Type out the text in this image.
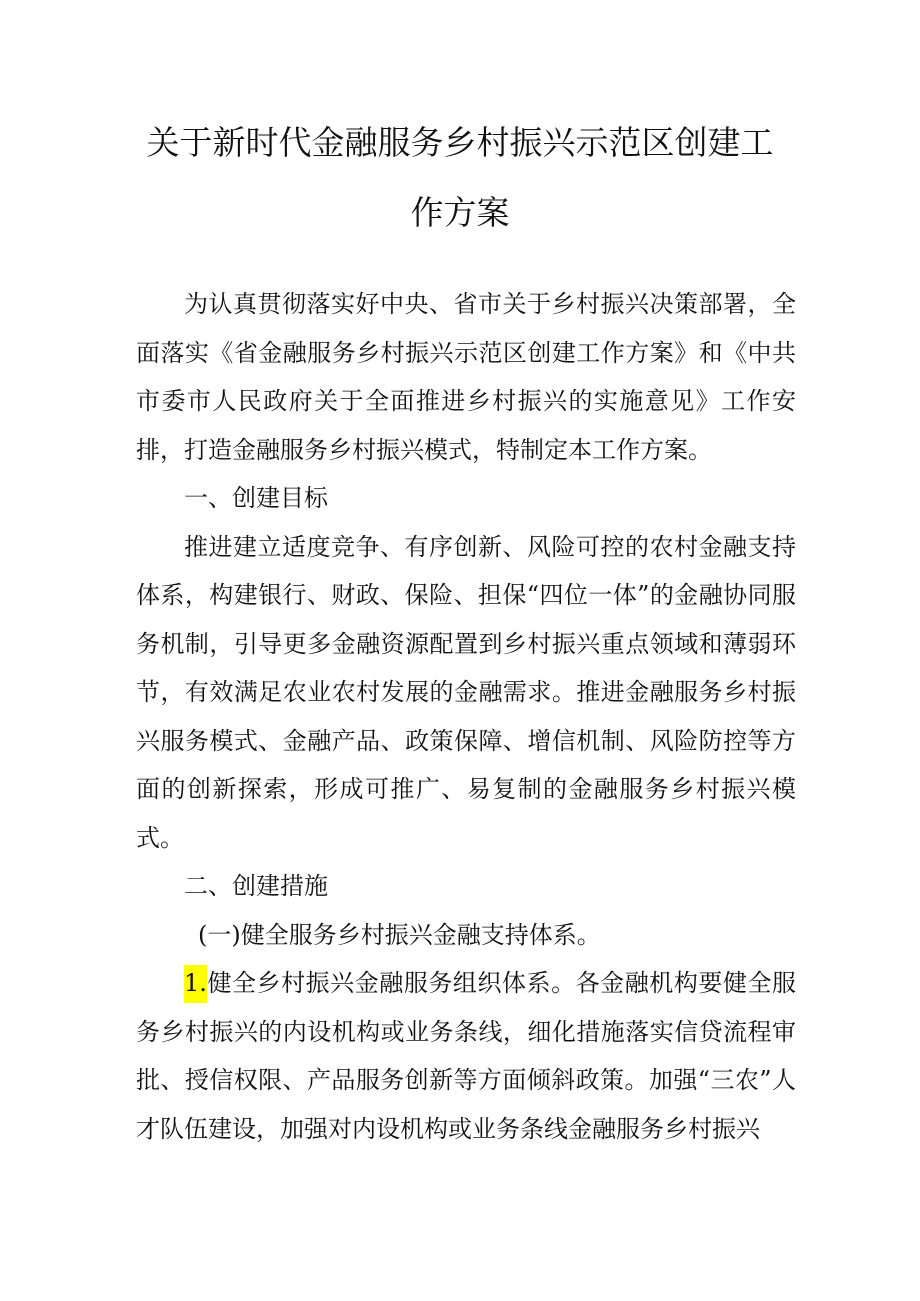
关于新时代金融服务乡村振兴示范区创建工
作方案

为认真贯彻落实好中央、省市关于乡村振兴决策部署，全面落实《省金融服务乡村振兴示范区创建工作方案》和《中共市委市人民政府关于全面推进乡村振兴的实施意见》工作安排，打造金融服务乡村振兴模式，特制定本工作方案。

一、创建目标

推进建立适度竞争、有序创新、风险可控的农村金融支持体系，构建银行、财政、保险、担保“四位一体”的金融协同服务机制，引导更多金融资源配置到乡村振兴重点领域和薄弱环节，有效满足农业农村发展的金融需求。推进金融服务乡村振兴服务模式、金融产品、政策保障、增信机制、风险防控等方面的创新探索，形成可推广、易复制的金融服务乡村振兴模式。

二、创建措施

(一)健全服务乡村振兴金融支持体系。

1.健全乡村振兴金融服务组织体系。各金融机构要健全服务乡村振兴的内设机构或业务条线，细化措施落实信贷流程审批、授信权限、产品服务创新等方面倾斜政策。加强“三农”人才队伍建设，加强对内设机构或业务条线金融服务乡村振兴
